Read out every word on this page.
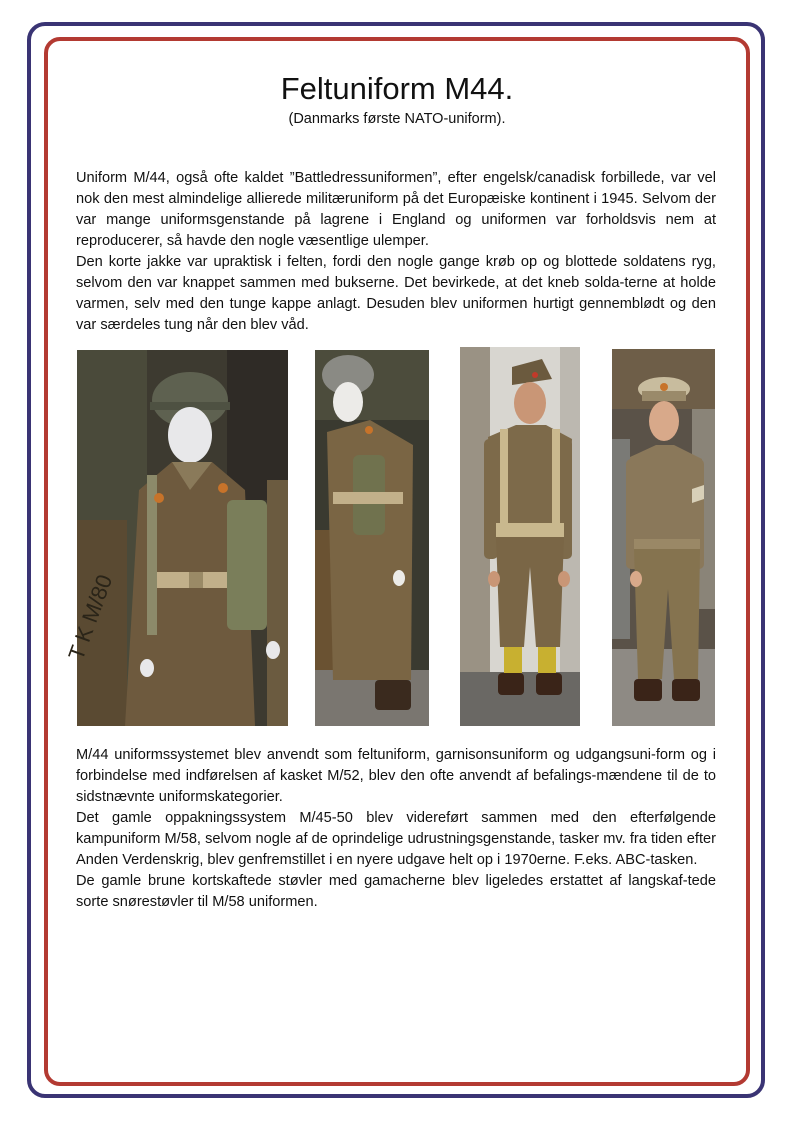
Feltuniform M44.
(Danmarks første NATO-uniform).

Uniform M/44, også ofte kaldet ”Battledressuniformen”, efter engelsk/canadisk forbillede, var vel nok den mest almindelige allierede militæruniform på det Europæiske kontinent i 1945. Selvom der var mange uniformsgenstande på lagrene i England og uniformen var forholdsvis nem at reproducerer, så havde den nogle væsentlige ulemper.

Den korte jakke var upraktisk i felten, fordi den nogle gange krøb op og blottede soldatens ryg, selvom den var knappet sammen med bukserne. Det bevirkede, at det kneb solda-terne at holde varmen, selv med den tunge kappe anlagt. Desuden blev uniformen hurtigt gennemblødt og den var særdeles tung når den blev våd.

T K M/80

M/44 uniformssystemet blev anvendt som feltuniform, garnisonsuniform og udgangsuni-form og i forbindelse med indførelsen af kasket M/52, blev den ofte anvendt af befalings-mændene til de to sidstnævnte uniformskategorier.

Det gamle oppakningssystem M/45-50 blev videreført sammen med den efterfølgende kampuniform M/58, selvom nogle af de oprindelige udrustningsgenstande, tasker mv. fra tiden efter Anden Verdenskrig, blev genfremstillet i en nyere udgave helt op i 1970erne. F.eks. ABC-tasken.

De gamle brune kortskaftede støvler med gamacherne blev ligeledes erstattet af langskaf-tede sorte snørestøvler til M/58 uniformen.
